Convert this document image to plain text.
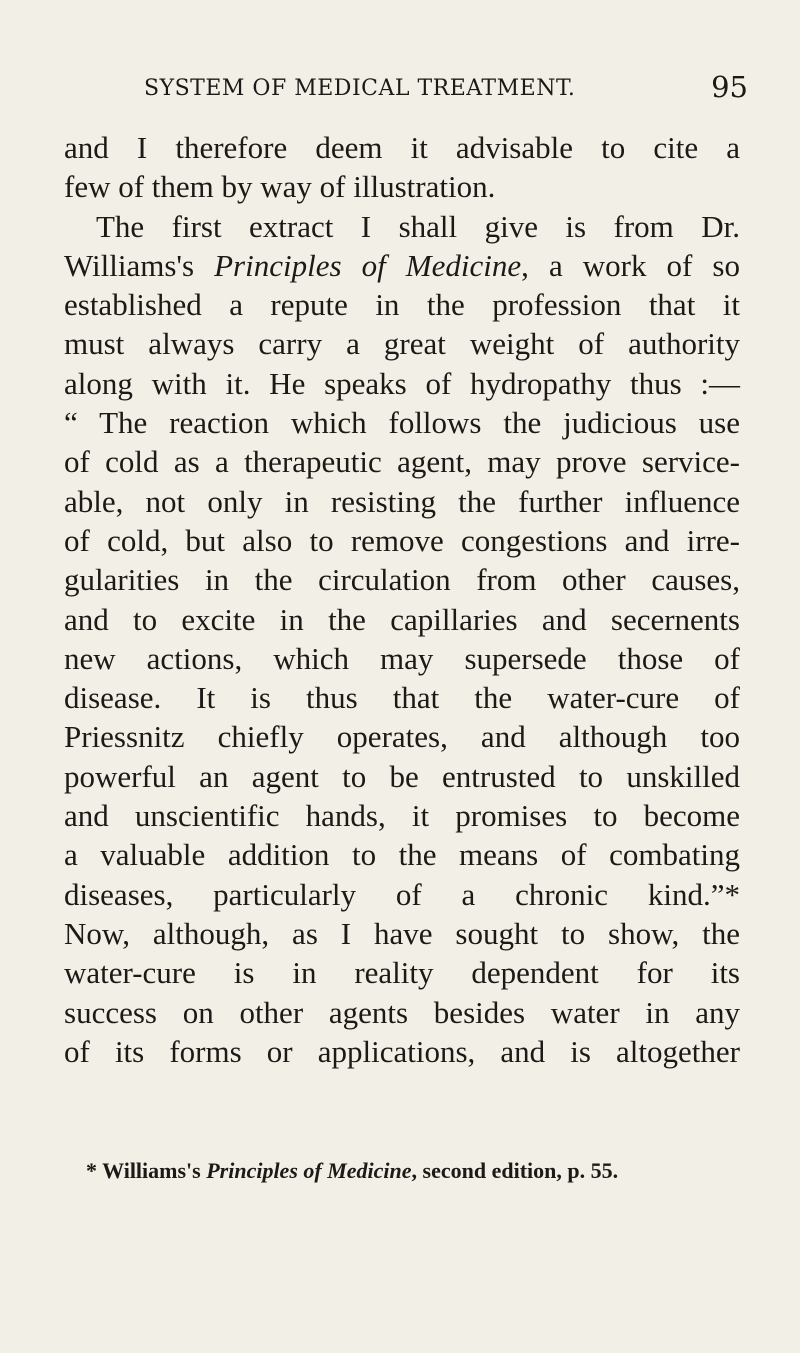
SYSTEM OF MEDICAL TREATMENT.	95
and I therefore deem it advisable to cite a
few of them by way of illustration.
The first extract I shall give is from Dr.
Williams's Principles of Medicine, a work of so
established a repute in the profession that it
must always carry a great weight of authority
along with it. He speaks of hydropathy thus :—
“ The reaction which follows the judicious use
of cold as a therapeutic agent, may prove service-
able, not only in resisting the further influence
of cold, but also to remove congestions and irre-
gularities in the circulation from other causes,
and to excite in the capillaries and secernents
new actions, which may supersede those of
disease. It is thus that the water-cure of
Priessnitz chiefly operates, and although too
powerful an agent to be entrusted to unskilled
and unscientific hands, it promises to become
a valuable addition to the means of combating
diseases, particularly of a chronic kind.”*
Now, although, as I have sought to show, the
water-cure is in reality dependent for its
success on other agents besides water in any
of its forms or applications, and is altogether
* Williams's Principles of Medicine, second edition, p. 55.
